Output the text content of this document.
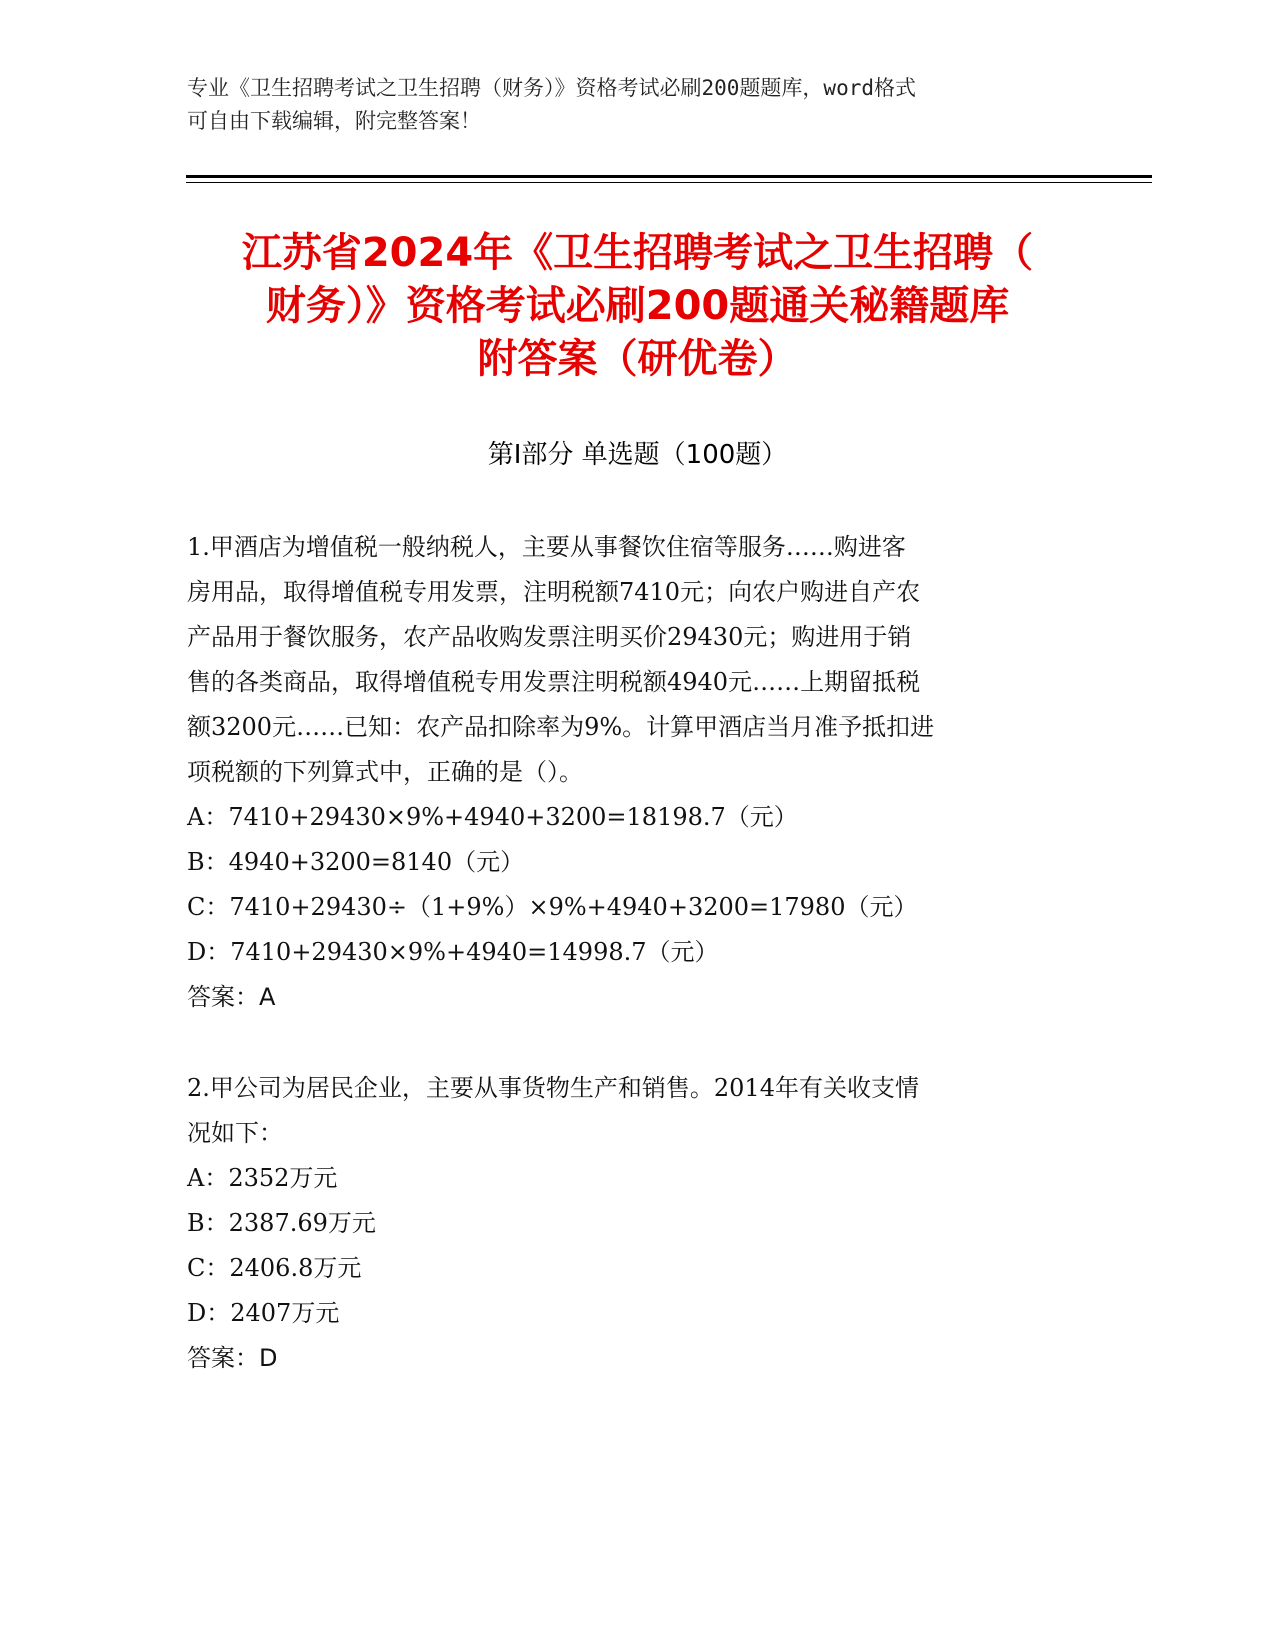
专业《卫生招聘考试之卫生招聘（财务）》资格考试必刷200题题库，word格式
可自由下载编辑，附完整答案！
江苏省2024年《卫生招聘考试之卫生招聘（
财务）》资格考试必刷200题通关秘籍题库
附答案（研优卷）
第Ⅰ部分 单选题（100题）
1.甲酒店为增值税一般纳税人，主要从事餐饮住宿等服务……购进客
房用品，取得增值税专用发票，注明税额7410元；向农户购进自产农
产品用于餐饮服务，农产品收购发票注明买价29430元；购进用于销
售的各类商品，取得增值税专用发票注明税额4940元……上期留抵税
额3200元……已知：农产品扣除率为9%。计算甲酒店当月准予抵扣进
项税额的下列算式中，正确的是（）。
A：7410+29430×9%+4940+3200=18198.7（元）
B：4940+3200=8140（元）
C：7410+29430÷（1+9%）×9%+4940+3200=17980（元）
D：7410+29430×9%+4940=14998.7（元）
答案：A
2.甲公司为居民企业，主要从事货物生产和销售。2014年有关收支情
况如下：
A：2352万元
B：2387.69万元
C：2406.8万元
D：2407万元
答案：D
